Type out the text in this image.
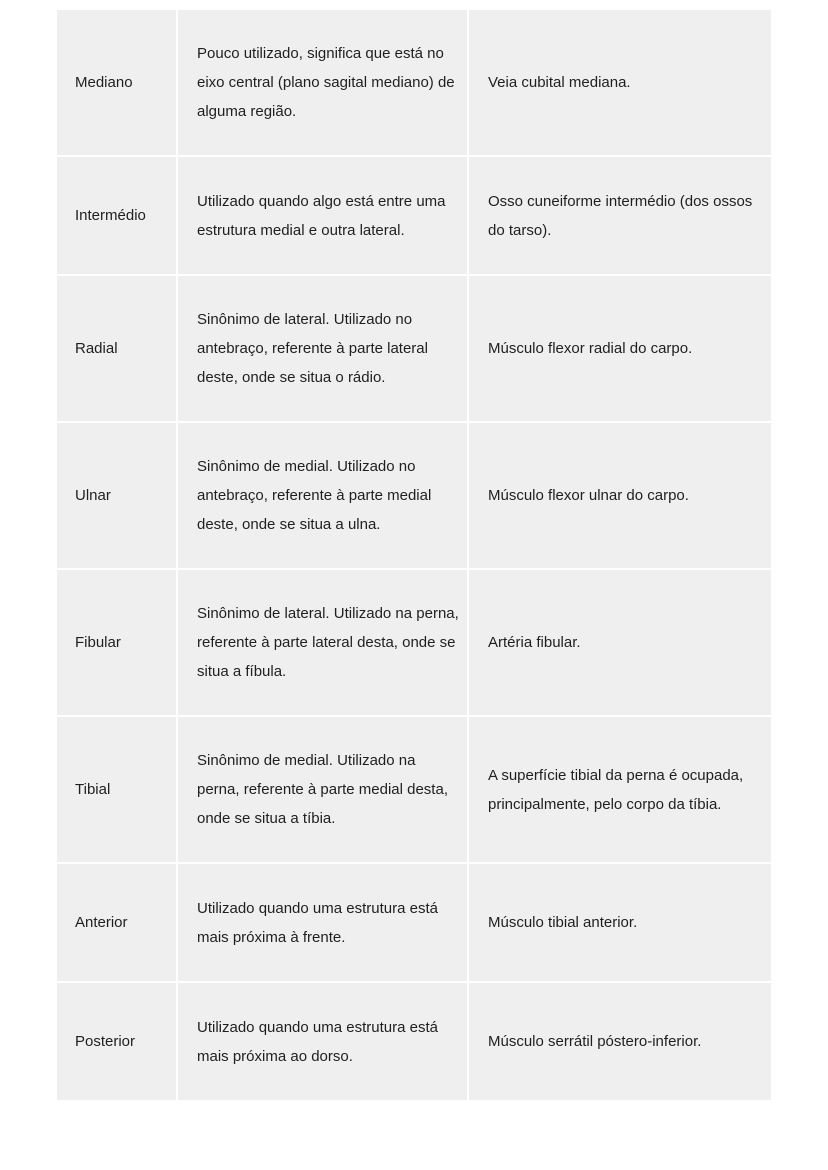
Mediano	Pouco utilizado, significa que está no eixo central (plano sagital mediano) de alguma região.	Veia cubital mediana.
Intermédio	Utilizado quando algo está entre uma estrutura medial e outra lateral.	Osso cuneiforme intermédio (dos ossos do tarso).
Radial	Sinônimo de lateral. Utilizado no antebraço, referente à parte lateral deste, onde se situa o rádio.	Músculo flexor radial do carpo.
Ulnar	Sinônimo de medial. Utilizado no antebraço, referente à parte medial deste, onde se situa a ulna.	Músculo flexor ulnar do carpo.
Fibular	Sinônimo de lateral. Utilizado na perna, referente à parte lateral desta, onde se situa a fíbula.	Artéria fibular.
Tibial	Sinônimo de medial. Utilizado na perna, referente à parte medial desta, onde se situa a tíbia.	A superfície tibial da perna é ocupada, principalmente, pelo corpo da tíbia.
Anterior	Utilizado quando uma estrutura está mais próxima à frente.	Músculo tibial anterior.
Posterior	Utilizado quando uma estrutura está mais próxima ao dorso.	Músculo serrátil póstero-inferior.
